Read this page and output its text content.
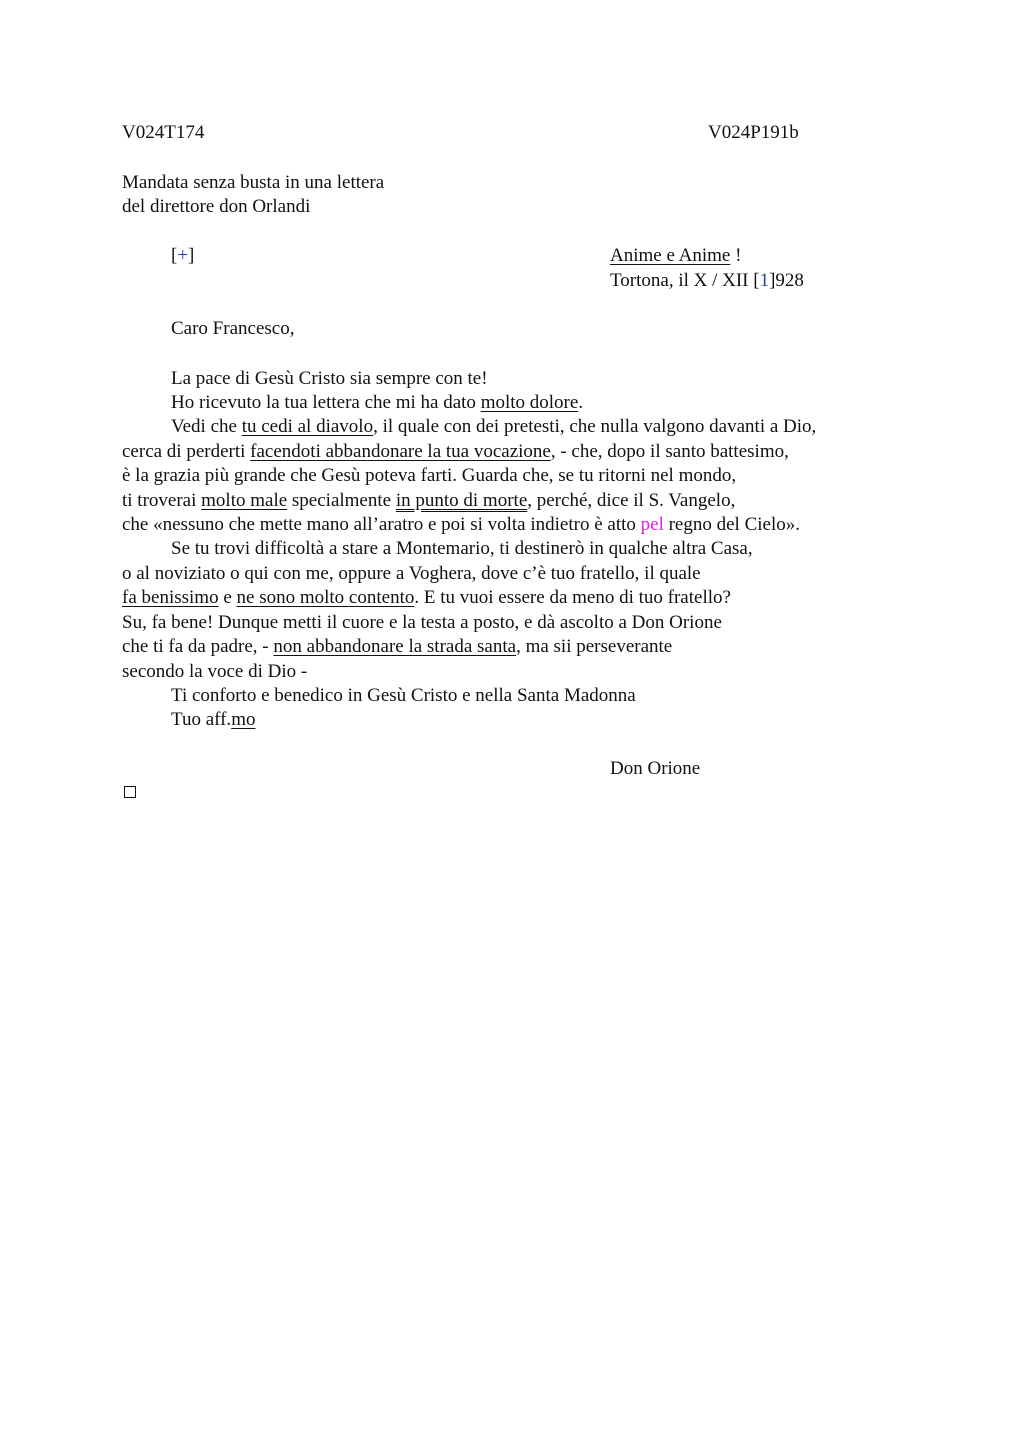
V024T174	V024P191b
Mandata senza busta in una lettera
del direttore don Orlandi
[+]	Anime e Anime !
Tortona, il X / XII [1]928
Caro Francesco,
La pace di Gesù Cristo sia sempre con te!
Ho ricevuto la tua lettera che mi ha dato molto dolore.
Vedi che tu cedi al diavolo, il quale con dei pretesti, che nulla valgono davanti a Dio,
cerca di perderti facendoti abbandonare la tua vocazione, - che, dopo il santo battesimo,
è la grazia più grande che Gesù poteva farti. Guarda che, se tu ritorni nel mondo,
ti troverai molto male specialmente in punto di morte, perché, dice il S. Vangelo,
che «nessuno che mette mano all’aratro e poi si volta indietro è atto pel regno del Cielo».
Se tu trovi difficoltà a stare a Montemario, ti destinerò in qualche altra Casa,
o al noviziato o qui con me, oppure a Voghera, dove c’è tuo fratello, il quale
fa benissimo e ne sono molto contento. E tu vuoi essere da meno di tuo fratello?
Su, fa bene! Dunque metti il cuore e la testa a posto, e dà ascolto a Don Orione
che ti fa da padre, - non abbandonare la strada santa, ma sii perseverante
secondo la voce di Dio -
Ti conforto e benedico in Gesù Cristo e nella Santa Madonna
Tuo aff.mo
Don Orione
